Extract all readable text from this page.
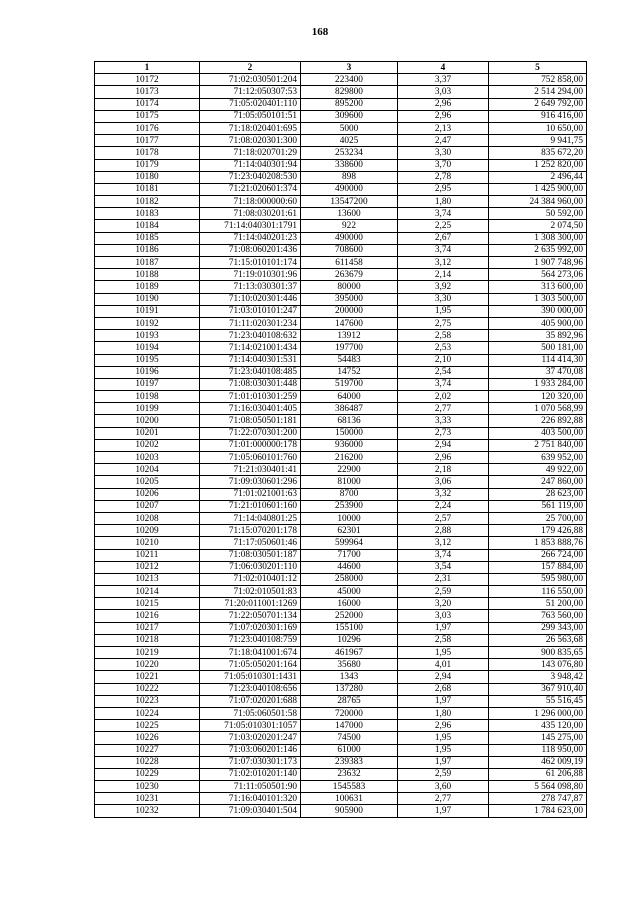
168
1	2	3	4	5
10172	71:02:030501:204	223400	3,37	752 858,00
10173	71:12:050307:53	829800	3,03	2 514 294,00
10174	71:05:020401:110	895200	2,96	2 649 792,00
10175	71:05:050101:51	309600	2,96	916 416,00
10176	71:18:020401:695	5000	2,13	10 650,00
10177	71:08:020301:300	4025	2,47	9 941,75
10178	71:18:020701:29	253234	3,30	835 672,20
10179	71:14:040301:94	338600	3,70	1 252 820,00
10180	71:23:040208:530	898	2,78	2 496,44
10181	71:21:020601:374	490000	2,95	1 425 900,00
10182	71:18:000000:60	13547200	1,80	24 384 960,00
10183	71:08:030201:61	13600	3,74	50 592,00
10184	71:14:040301:1791	922	2,25	2 074,50
10185	71:14:040201:23	490000	2,67	1 308 300,00
10186	71:08:060201:436	708600	3,74	2 635 992,00
10187	71:15:010101:174	611458	3,12	1 907 748,96
10188	71:19:010301:96	263679	2,14	564 273,06
10189	71:13:030301:37	80000	3,92	313 600,00
10190	71:10:020301:446	395000	3,30	1 303 500,00
10191	71:03:010101:247	200000	1,95	390 000,00
10192	71:11:020301:234	147600	2,75	405 900,00
10193	71:23:040108:632	13912	2,58	35 892,96
10194	71:14:021001:434	197700	2,53	500 181,00
10195	71:14:040301:531	54483	2,10	114 414,30
10196	71:23:040108:485	14752	2,54	37 470,08
10197	71:08:030301:448	519700	3,74	1 933 284,00
10198	71:01:010301:259	64000	2,02	120 320,00
10199	71:16:030401:405	386487	2,77	1 070 568,99
10200	71:08:050501:181	68136	3,33	226 892,88
10201	71:22:070301:200	150000	2,73	403 500,00
10202	71:01:000000:178	936000	2,94	2 751 840,00
10203	71:05:060101:760	216200	2,96	639 952,00
10204	71:21:030401:41	22900	2,18	49 922,00
10205	71:09:030601:296	81000	3,06	247 860,00
10206	71:01:021001:63	8700	3,32	28 623,00
10207	71:21:010601:160	253900	2,24	561 119,00
10208	71:14:040801:25	10000	2,57	25 700,00
10209	71:15:070201:178	62301	2,88	179 426,88
10210	71:17:050601:46	599964	3,12	1 853 888,76
10211	71:08:030501:187	71700	3,74	266 724,00
10212	71:06:030201:110	44600	3,54	157 884,00
10213	71:02:010401:12	258000	2,31	595 980,00
10214	71:02:010501:83	45000	2,59	116 550,00
10215	71:20:011001:1269	16000	3,20	51 200,00
10216	71:22:050701:134	252000	3,03	763 560,00
10217	71:07:020301:169	155100	1,97	299 343,00
10218	71:23:040108:759	10296	2,58	26 563,68
10219	71:18:041001:674	461967	1,95	900 835,65
10220	71:05:050201:164	35680	4,01	143 076,80
10221	71:05:010301:1431	1343	2,94	3 948,42
10222	71:23:040108:656	137280	2,68	367 910,40
10223	71:07:020201:688	28765	1,97	55 516,45
10224	71:05:060501:58	720000	1,80	1 296 000,00
10225	71:05:010301:1057	147000	2,96	435 120,00
10226	71:03:020201:247	74500	1,95	145 275,00
10227	71:03:060201:146	61000	1,95	118 950,00
10228	71:07:030301:173	239383	1,97	462 009,19
10229	71:02:010201:140	23632	2,59	61 206,88
10230	71:11:050501:90	1545583	3,60	5 564 098,80
10231	71:16:040101:320	100631	2,77	278 747,87
10232	71:09:030401:504	905900	1,97	1 784 623,00
